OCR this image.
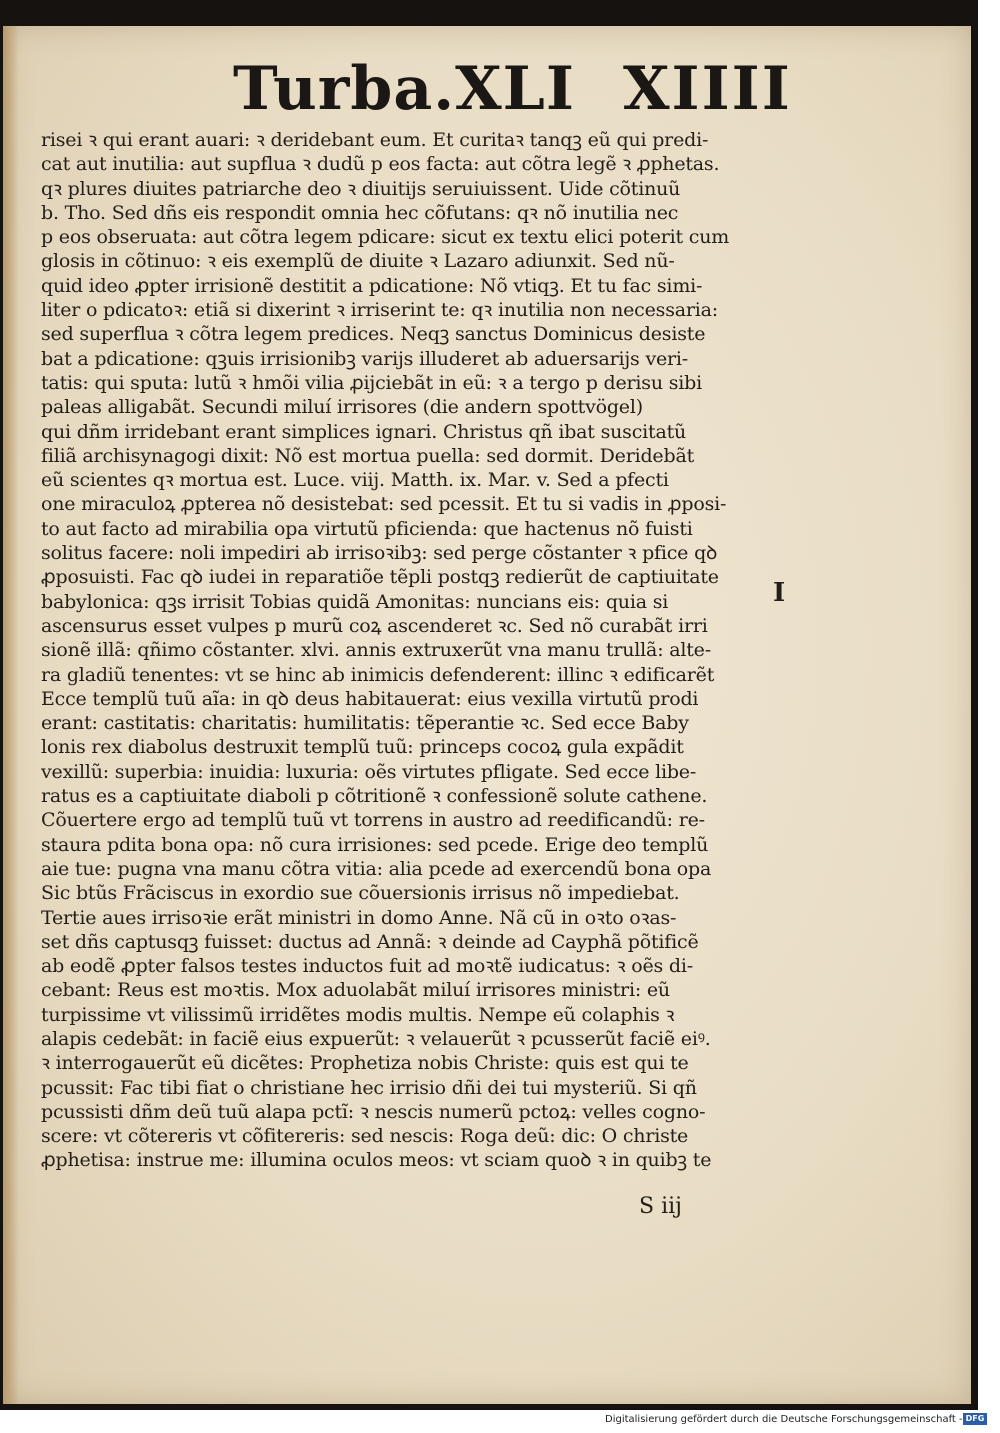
Turba.XLI XIIII
risei ꝛ qui erant auari: ꝛ deridebant eum. Et curitaꝛ tanqꝫ eũ qui predi‐
cat aut inutilia: aut supflua ꝛ dudũ p eos facta: aut cõtra legẽ ꝛ ꝓphetas.
qꝛ plures diuites patriarche deo ꝛ diuitijs seruiuissent. Uide cõtinuũ
b. Tho. Sed dñs eis respondit omnia hec cõfutans: qꝛ nõ inutilia nec
p eos obseruata: aut cõtra legem pdicare: sicut ex textu elici poterit cum
glosis in cõtinuo: ꝛ eis exemplũ de diuite ꝛ Lazaro adiunxit. Sed nũ‐
quid ideo ꝓpter irrisionẽ destitit a pdicatione: Nõ vtiqꝫ. Et tu fac simi‐
liter o pdicatoꝛ: etiã si dixerint ꝛ irriserint te: qꝛ inutilia non necessaria:
sed superflua ꝛ cõtra legem predices. Neqꝫ sanctus Dominicus desiste
bat a pdicatione: qꝫuis irrisionibꝫ varijs illuderet ab aduersarijs veri‐
tatis: qui sputa: lutũ ꝛ hmõi vilia ꝓijciebãt in eũ: ꝛ a tergo p derisu sibi
paleas alligabãt. Secundi miluí irrisores (die andern spottvögel)
qui dñm irridebant erant simplices ignari. Christus qñ ibat suscitatũ
filiã archisynagogi dixit: Nõ est mortua puella: sed dormit. Deridebãt
eũ scientes qꝛ mortua est. Luce. viij. Matth. ix. Mar. v. Sed a pfecti
one miraculoꝝ ꝓpterea nõ desistebat: sed pcessit. Et tu si vadis in ꝓposi‐
to aut facto ad mirabilia opa virtutũ pficienda: que hactenus nõ fuisti
solitus facere: noli impediri ab irrisoꝛibꝫ: sed perge cõstanter ꝛ pfice qꝺ
ꝓposuisti. Fac qꝺ iudei in reparatiõe tẽpli postqꝫ redierũt de captiuitate
babylonica: qꝫs irrisit Tobias quidã Amonitas: nuncians eis: quia si
ascensurus esset vulpes p murũ coꝝ ascenderet ꝛc. Sed nõ curabãt irri
sionẽ illã: qñimo cõstanter. xlvi. annis extruxerũt vna manu trullã: alte‐
ra gladiũ tenentes: vt se hinc ab inimicis defenderent: illinc ꝛ edificarẽt
Ecce templũ tuũ aĩa: in qꝺ deus habitauerat: eius vexilla virtutũ prodi
erant: castitatis: charitatis: humilitatis: tẽperantie ꝛc. Sed ecce Baby
lonis rex diabolus destruxit templũ tuũ: princeps cocoꝝ gula expãdit
vexillũ: superbia: inuidia: luxuria: oẽs virtutes pfligate. Sed ecce libe‐
ratus es a captiuitate diaboli p cõtritionẽ ꝛ confessionẽ solute cathene.
Cõuertere ergo ad templũ tuũ vt torrens in austro ad reedificandũ: re‐
staura pdita bona opa: nõ cura irrisiones: sed pcede. Erige deo templũ
aie tue: pugna vna manu cõtra vitia: alia pcede ad exercendũ bona opa
Sic btũs Frãciscus in exordio sue cõuersionis irrisus nõ impediebat.
Tertie aues irrisoꝛie erãt ministri in domo Anne. Nã cũ in oꝛto oꝛas‐
set dñs captusqꝫ fuisset: ductus ad Annã: ꝛ deinde ad Cayphã põtificẽ
ab eodẽ ꝓpter falsos testes inductos fuit ad moꝛtẽ iudicatus: ꝛ oẽs di‐
cebant: Reus est moꝛtis. Mox aduolabãt miluí irrisores ministri: eũ
turpissime vt vilissimũ irridẽtes modis multis. Nempe eũ colaphis ꝛ
alapis cedebãt: in faciẽ eius expuerũt: ꝛ velauerũt ꝛ pcusserũt faciẽ eiꝰ.
ꝛ interrogauerũt eũ dicẽtes: Prophetiza nobis Christe: quis est qui te
pcussit: Fac tibi fiat o christiane hec irrisio dñi dei tui mysteriũ. Si qñ
pcussisti dñm deũ tuũ alapa pctĩ: ꝛ nescis numerũ pctoꝝ: velles cogno‐
scere: vt cõtereris vt cõfitereris: sed nescis: Roga deũ: dic: O christe
ꝓphetisa: instrue me: illumina oculos meos: vt sciam quoꝺ ꝛ in quibꝫ te
I
S iij
Digitalisierung gefördert durch die Deutsche Forschungsgemeinschaft - DFG
